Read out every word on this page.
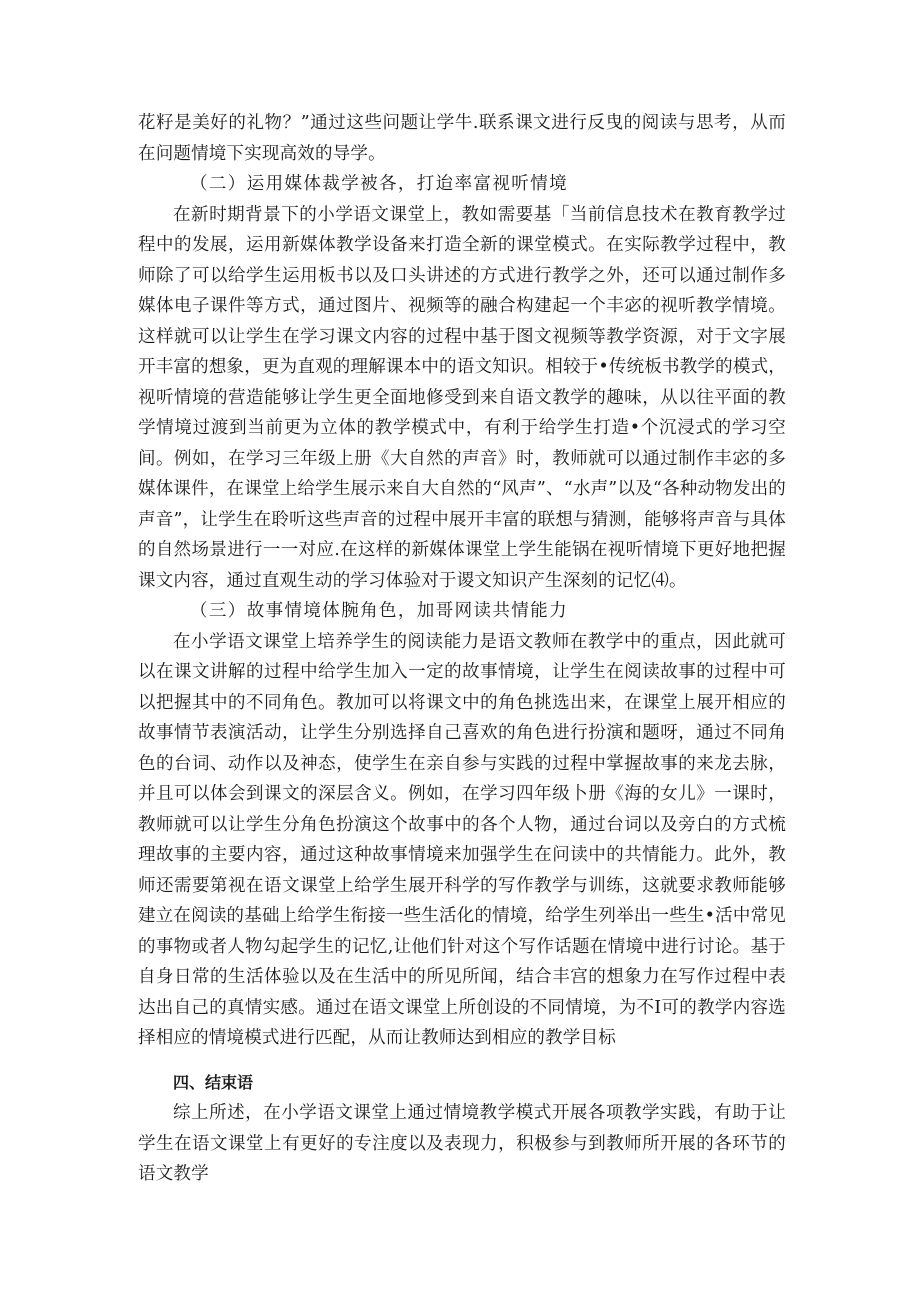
花籽是美好的礼物？”通过这些问题让学牛.联系课文进行反曳的阅读与思考，从而在问题情境下实现高效的导学。

（二）运用媒体裁学被各，打迨率富视听情境

在新时期背景下的小学语文课堂上，教如需要基「当前信息技术在教育教学过程中的发展，运用新媒体教学设备来打造全新的课堂模式。在实际教学过程中，教师除了可以给学生运用板书以及口头讲述的方式进行教学之外，还可以通过制作多媒体电子课件等方式，通过图片、视频等的融合构建起一个丰宓的视听教学情境。这样就可以让学生在学习课文内容的过程中基于图文视频等教学资源，对于文字展开丰富的想象，更为直观的理解课本中的语文知识。相较于•传统板书教学的模式，视听情境的营造能够让学生更全面地修受到来自语文教学的趣味，从以往平面的教学情境过渡到当前更为立体的教学模式中，有利于给学生打造•个沉浸式的学习空间。例如，在学习三年级上册《大自然的声音》时，教师就可以通过制作丰宓的多媒体课件，在课堂上给学生展示来自大自然的“风声”、“水声”以及“各种动物发出的声音”，让学生在聆听这些声音的过程中展开丰富的联想与猜测，能够将声音与具体的自然场景进行一一对应.在这样的新媒体课堂上学生能锅在视听情境下更好地把握课文内容，通过直观生动的学习体验对于谡文知识产生深刻的记忆⑷。

（三）故事情境体腕角色，加哥网读共情能力

在小学语文课堂上培养学生的阅读能力是语文教师在教学中的重点，因此就可以在课文讲解的过程中给学生加入一定的故事情境，让学生在阅读故事的过程中可以把握其中的不同角色。教加可以将课文中的角色挑选出来，在课堂上展开相应的故事情节表演活动，让学生分别选择自己喜欢的角色进行扮演和题呀，通过不同角色的台词、动作以及神态，使学生在亲自参与实践的过程中掌握故事的来龙去脉，并且可以体会到课文的深层含义。例如，在学习四年级卜册《海的女儿》一课时，教师就可以让学生分角色扮演这个故事中的各个人物，通过台词以及旁白的方式梳理故事的主要内容，通过这种故事情境来加强学生在问读中的共情能力。此外，教师还需要第视在语文课堂上给学生展开科学的写作教学与训练，这就要求教师能够建立在阅读的基础上给学生衔接一些生活化的情境，给学生列举出一些生•活中常见的事物或者人物勾起学生的记忆,让他们针对这个写作话题在情境中进行讨论。基于自身日常的生活体验以及在生活中的所见所闻，结合丰宫的想象力在写作过程中表达出自己的真情实感。通过在语文课堂上所创设的不同情境，为不I可的教学内容选择相应的情境模式进行匹配，从而让教师达到相应的教学目标

四、结束语

综上所述，在小学语文课堂上通过情境教学模式开展各项教学实践，有助于让学生在语文课堂上有更好的专注度以及表现力，积极参与到教师所开展的各环节的语文教学
